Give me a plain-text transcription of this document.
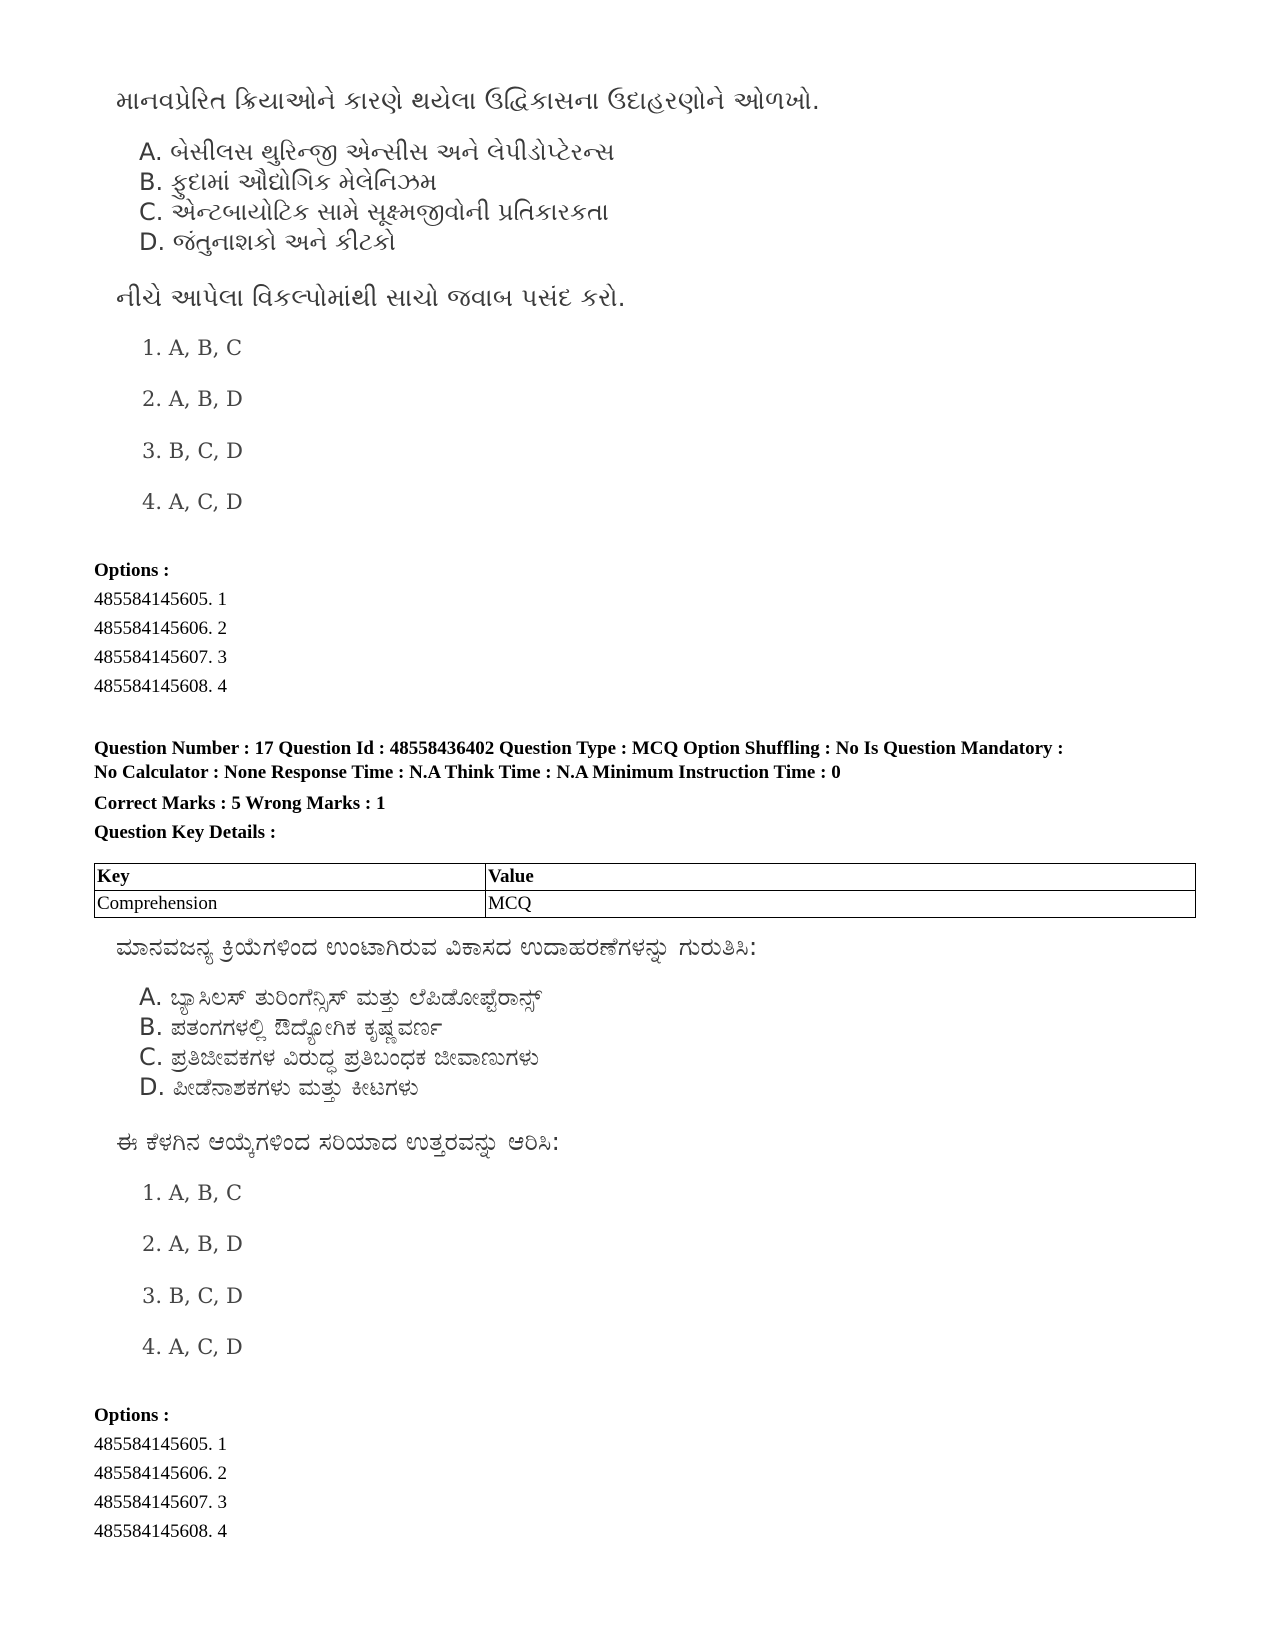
માનવપ્રેરિત ક્રિયાઓને કારણે થયેલા ઉદ્વિકાસના ઉદાહરણોને ઓળખો.
A. બેસીલસ થુરિન્જી એન્સીસ અને લેપીડોપ્ટેરન્સ
B. ફુદામાં ઔદ્યોગિક મેલેનિઝમ
C. એન્ટબાયોટિક સામે સૂક્ષ્મજીવોની પ્રતિકારકતા
D. જંતુનાશકો અને કીટકો
નીચે આપેલા વિકલ્પોમાંથી સાચો જવાબ પસંદ કરો.
1. A, B, C
2. A, B, D
3. B, C, D
4. A, C, D
Options :
485584145605. 1
485584145606. 2
485584145607. 3
485584145608. 4
Question Number : 17 Question Id : 48558436402 Question Type : MCQ Option Shuffling : No Is Question Mandatory :
No Calculator : None Response Time : N.A Think Time : N.A Minimum Instruction Time : 0
Correct Marks : 5 Wrong Marks : 1
Question Key Details :
Key	Value
Comprehension	MCQ
ಮಾನವಜನ್ಯ ಕ್ರಿಯೆಗಳಿಂದ ಉಂಟಾಗಿರುವ ವಿಕಾಸದ ಉದಾಹರಣೆಗಳನ್ನು ಗುರುತಿಸಿ:
A. ಬ್ಯಾಸಿಲಸ್ ತುರಿಂಗೆನ್ಸಿಸ್ ಮತ್ತು ಲೆಪಿಡೋಪ್ಟೆರಾನ್ಸ್
B. ಪತಂಗಗಳಲ್ಲಿ ಔದ್ಯೋಗಿಕ ಕೃಷ್ಣವರ್ಣ
C. ಪ್ರತಿಜೀವಕಗಳ ವಿರುದ್ಧ ಪ್ರತಿಬಂಧಕ ಜೀವಾಣುಗಳು
D. ಪೀಡೆನಾಶಕಗಳು ಮತ್ತು ಕೀಟಗಳು
ಈ ಕೆಳಗಿನ ಆಯ್ಕೆಗಳಿಂದ ಸರಿಯಾದ ಉತ್ತರವನ್ನು ಆರಿಸಿ:
1. A, B, C
2. A, B, D
3. B, C, D
4. A, C, D
Options :
485584145605. 1
485584145606. 2
485584145607. 3
485584145608. 4
